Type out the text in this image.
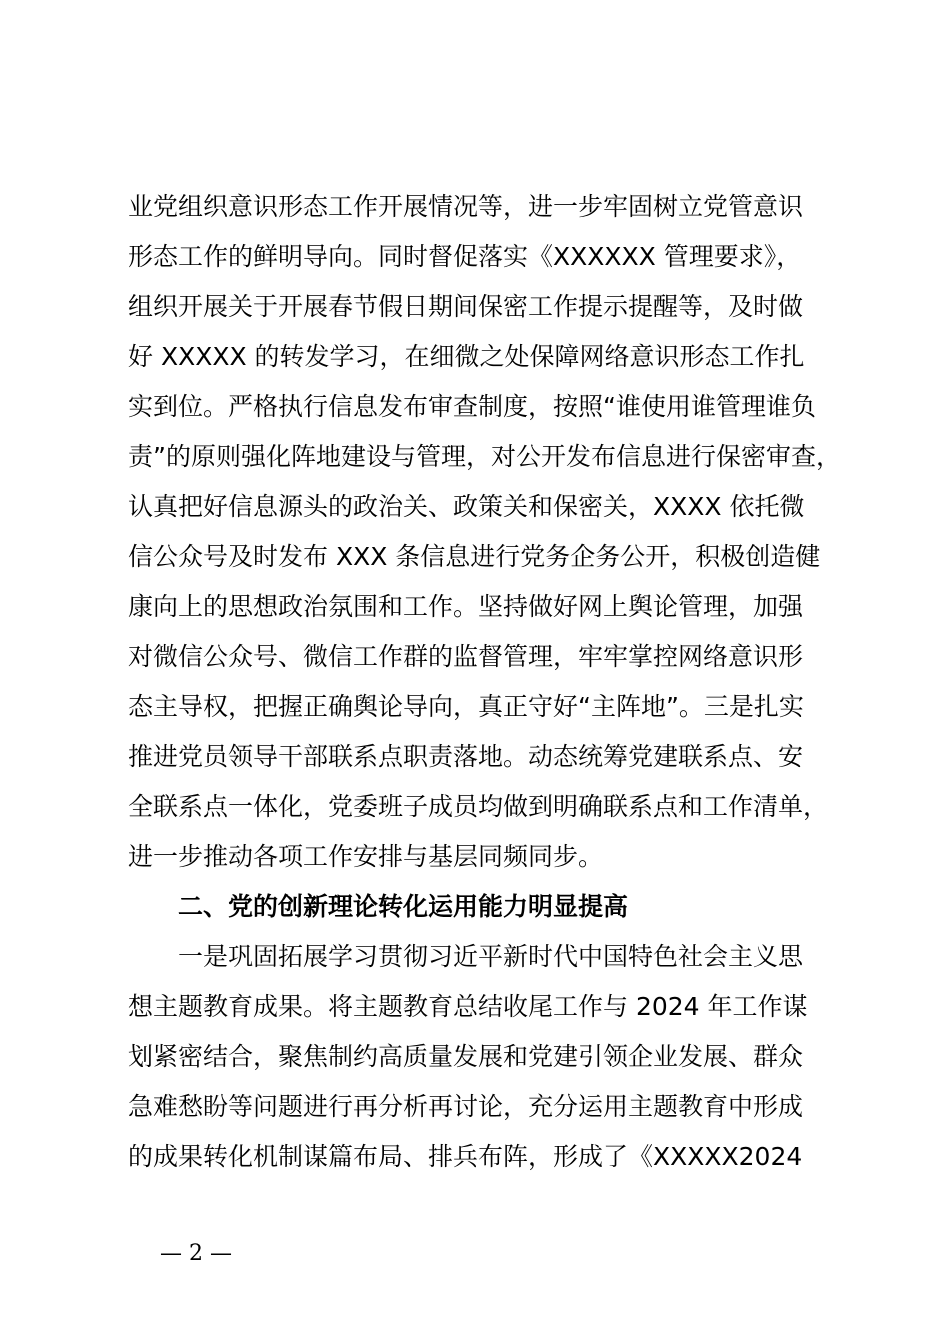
业党组织意识形态工作开展情况等，进一步牢固树立党管意识
形态工作的鲜明导向。同时督促落实《XXXXXX 管理要求》，
组织开展关于开展春节假日期间保密工作提示提醒等，及时做
好 XXXXX 的转发学习，在细微之处保障网络意识形态工作扎
实到位。严格执行信息发布审查制度，按照“谁使用谁管理谁负
责”的原则强化阵地建设与管理，对公开发布信息进行保密审查，
认真把好信息源头的政治关、政策关和保密关，XXXX 依托微
信公众号及时发布 XXX 条信息进行党务企务公开，积极创造健
康向上的思想政治氛围和工作。坚持做好网上舆论管理，加强
对微信公众号、微信工作群的监督管理，牢牢掌控网络意识形
态主导权，把握正确舆论导向，真正守好“主阵地”。三是扎实
推进党员领导干部联系点职责落地。动态统筹党建联系点、安
全联系点一体化，党委班子成员均做到明确联系点和工作清单，
进一步推动各项工作安排与基层同频同步。
二、党的创新理论转化运用能力明显提高
一是巩固拓展学习贯彻习近平新时代中国特色社会主义思
想主题教育成果。将主题教育总结收尾工作与 2024 年工作谋
划紧密结合，聚焦制约高质量发展和党建引领企业发展、群众
急难愁盼等问题进行再分析再讨论，充分运用主题教育中形成
的成果转化机制谋篇布局、排兵布阵，形成了《XXXXX2024
— 2 —
